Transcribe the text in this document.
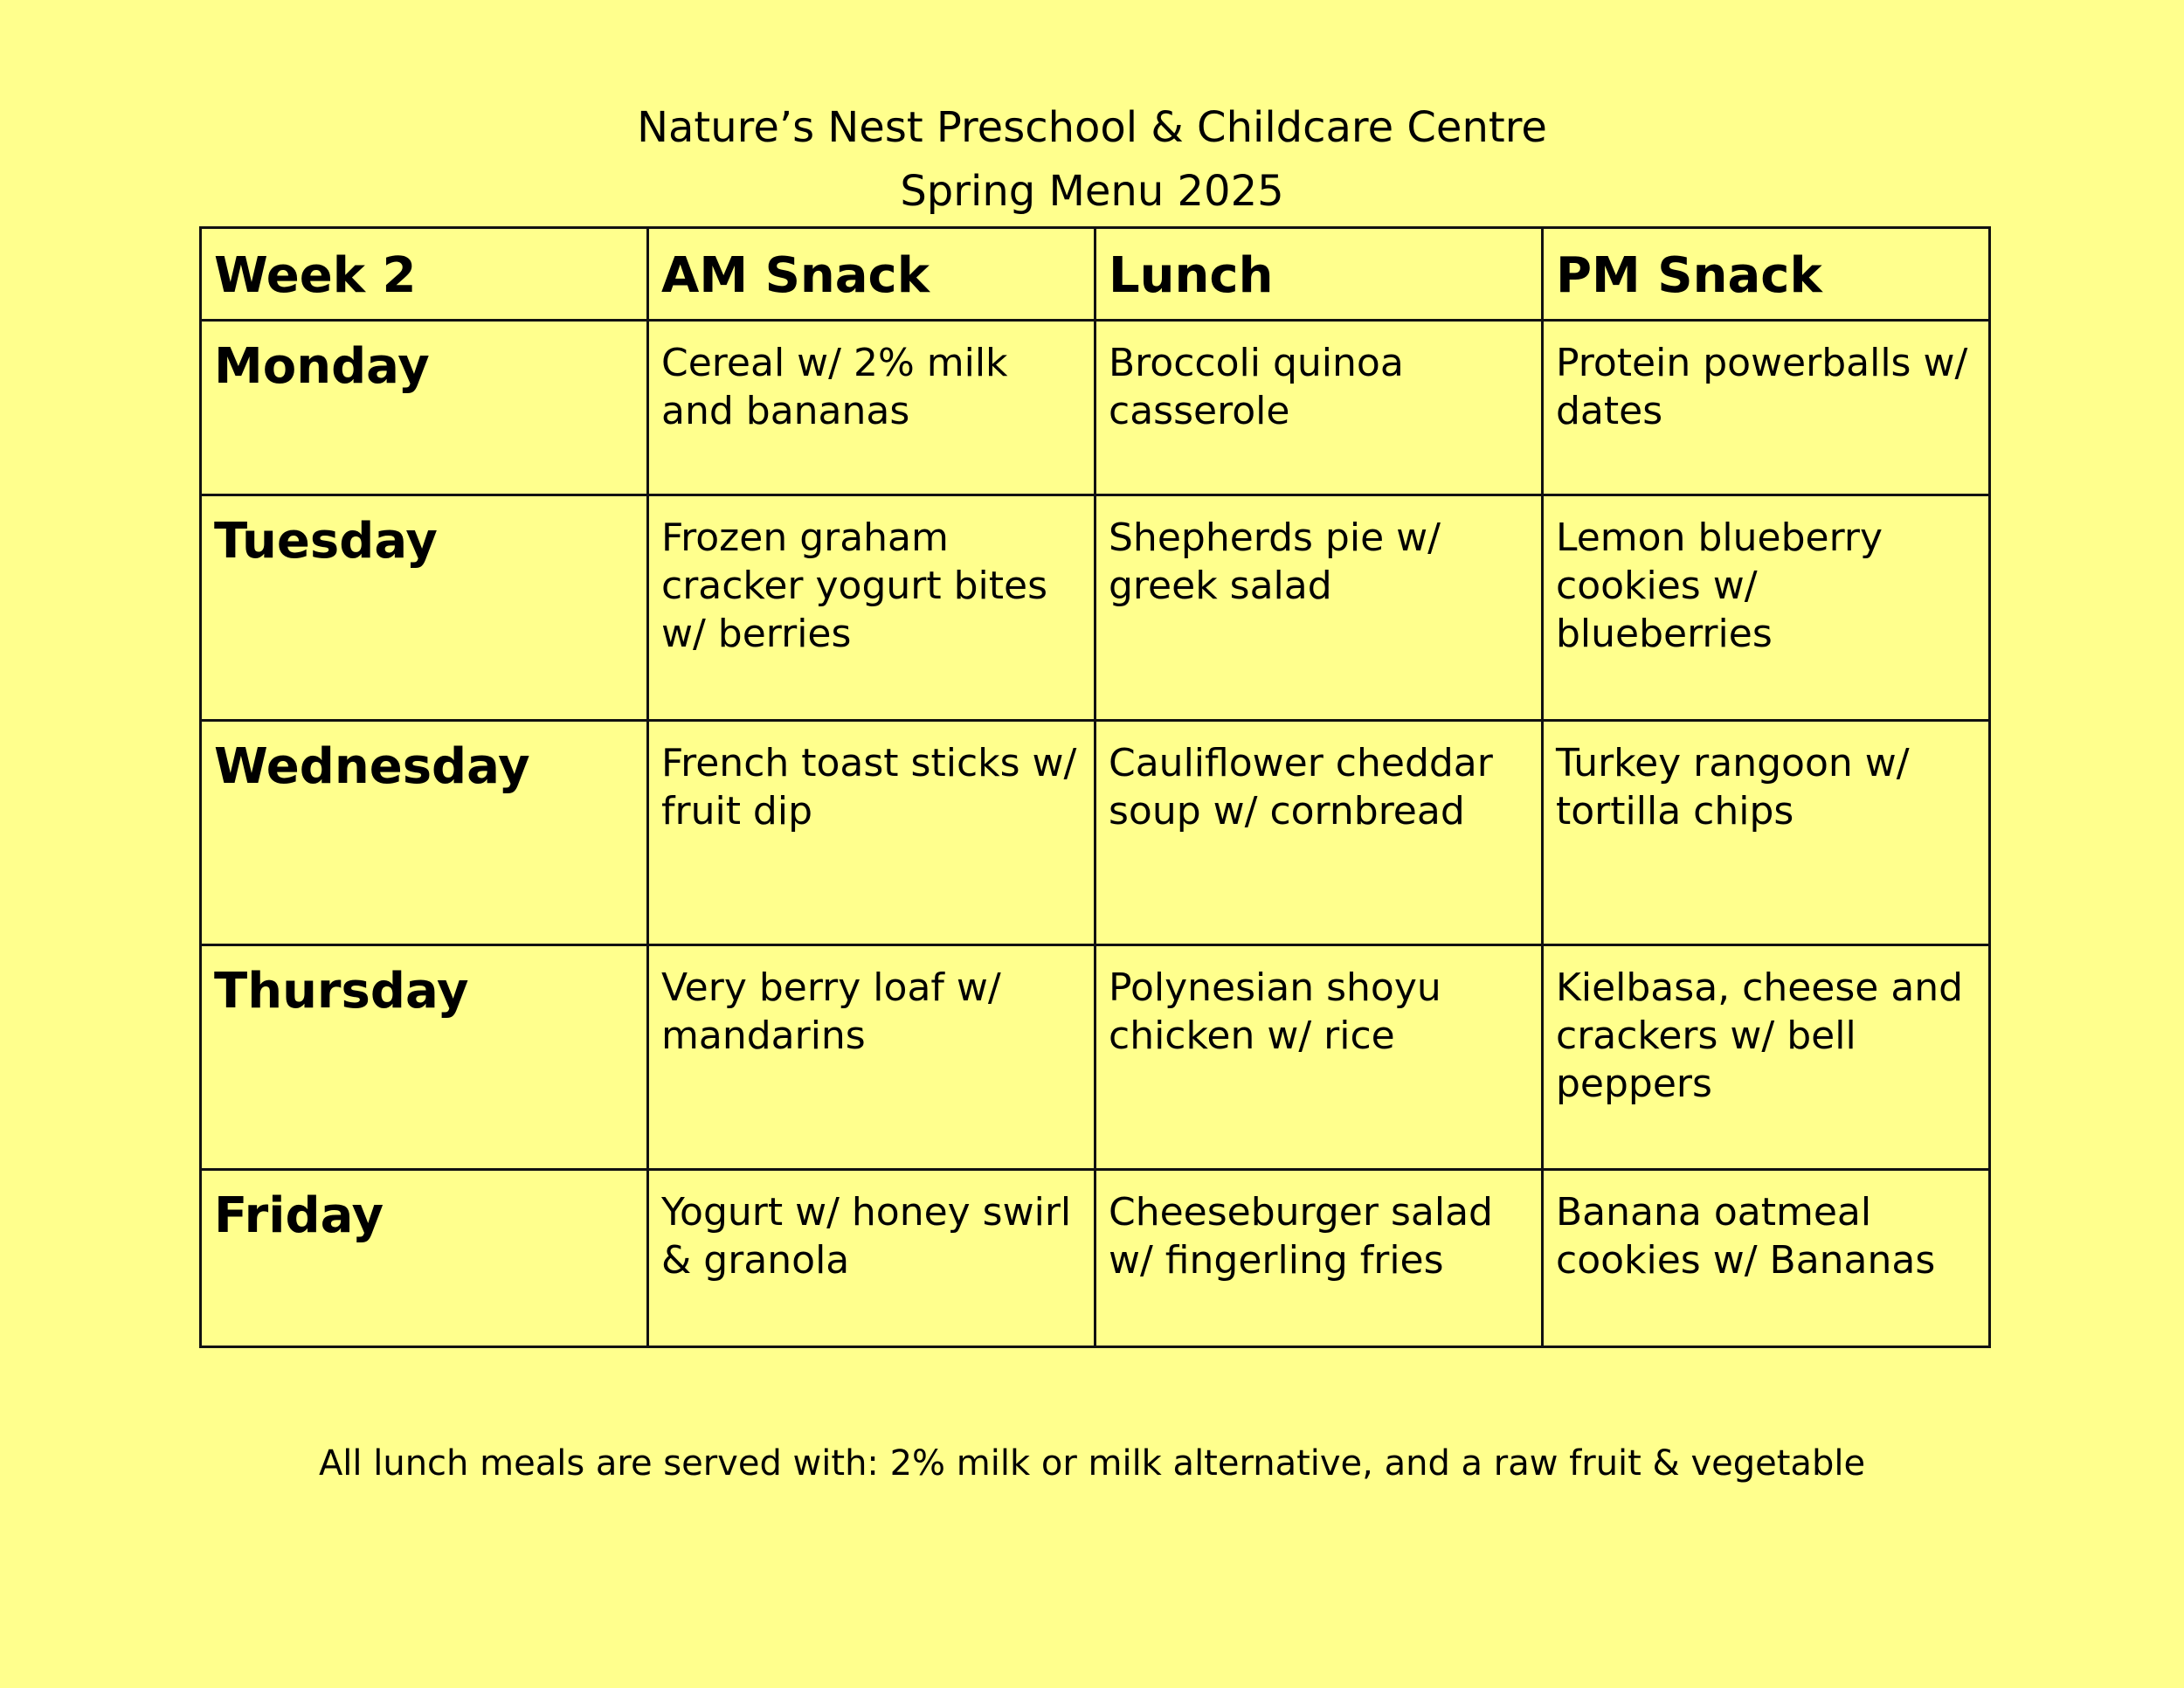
Nature’s Nest Preschool & Childcare Centre
Spring Menu 2025
Week 2	AM Snack	Lunch	PM Snack
Monday	Cereal w/ 2% milk and bananas	Broccoli quinoa casserole	Protein powerballs w/ dates
Tuesday	Frozen graham cracker yogurt bites w/ berries	Shepherds pie w/ greek salad	Lemon blueberry cookies w/ blueberries
Wednesday	French toast sticks w/ fruit dip	Cauliflower cheddar soup w/ cornbread	Turkey rangoon w/ tortilla chips
Thursday	Very berry loaf w/ mandarins	Polynesian shoyu chicken w/ rice	Kielbasa, cheese and crackers w/ bell peppers
Friday	Yogurt w/ honey swirl & granola	Cheeseburger salad w/ fingerling fries	Banana oatmeal cookies w/ Bananas
All lunch meals are served with: 2% milk or milk alternative, and a raw fruit & vegetable
